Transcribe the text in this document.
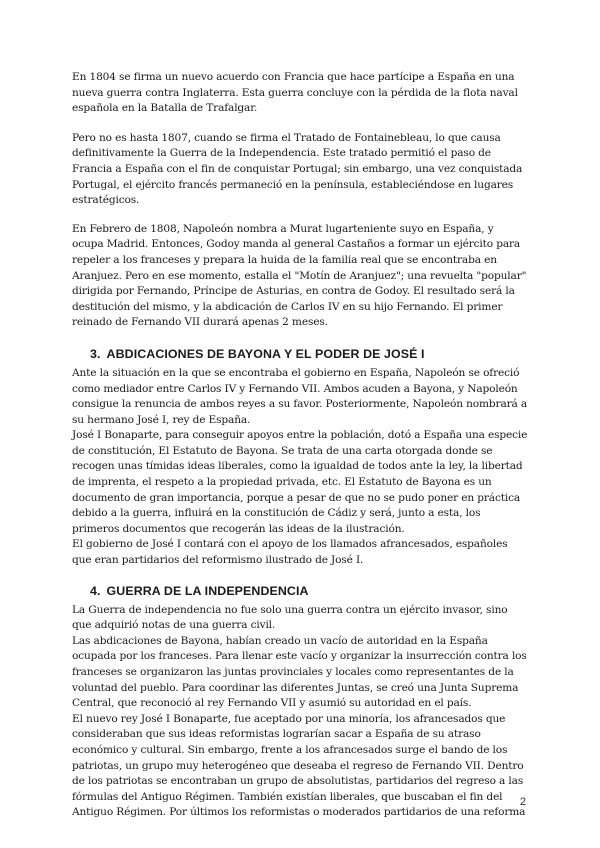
En 1804 se firma un nuevo acuerdo con Francia que hace partícipe a España en una nueva guerra contra Inglaterra. Esta guerra concluye con la pérdida de la flota naval española en la Batalla de Trafalgar.

Pero no es hasta 1807, cuando se firma el Tratado de Fontainebleau, lo que causa definitivamente la Guerra de la Independencia. Este tratado permitió el paso de Francia a España con el fin de conquistar Portugal; sin embargo, una vez conquistada Portugal, el ejército francés permaneció en la península, estableciéndose en lugares estratégicos.

En Febrero de 1808, Napoleón nombra a Murat lugarteniente suyo en España, y ocupa Madrid. Entonces, Godoy manda al general Castaños a formar un ejército para repeler a los franceses y prepara la huida de la familia real que se encontraba en Aranjuez. Pero en ese momento, estalla el "Motín de Aranjuez"; una revuelta "popular" dirigida por Fernando, Príncipe de Asturias, en contra de Godoy. El resultado será la destitución del mismo, y la abdicación de Carlos IV en su hijo Fernando. El primer reinado de Fernando VII durará apenas 2 meses.

3. ABDICACIONES DE BAYONA Y EL PODER DE JOSÉ I

Ante la situación en la que se encontraba el gobierno en España, Napoleón se ofreció como mediador entre Carlos IV y Fernando VII. Ambos acuden a Bayona, y Napoleón consigue la renuncia de ambos reyes a su favor. Posteriormente, Napoleón nombrará a su hermano José I, rey de España.

José I Bonaparte, para conseguir apoyos entre la población, dotó a España una especie de constitución, El Estatuto de Bayona. Se trata de una carta otorgada donde se recogen unas tímidas ideas liberales, como la igualdad de todos ante la ley, la libertad de imprenta, el respeto a la propiedad privada, etc. El Estatuto de Bayona es un documento de gran importancia, porque a pesar de que no se pudo poner en práctica debido a la guerra, influirá en la constitución de Cádiz y será, junto a esta, los primeros documentos que recogerán las ideas de la ilustración.

El gobierno de José I contará con el apoyo de los llamados afrancesados, españoles que eran partidarios del reformismo ilustrado de José I.

4. GUERRA DE LA INDEPENDENCIA

La Guerra de independencia no fue solo una guerra contra un ejército invasor, sino que adquirió notas de una guerra civil.

Las abdicaciones de Bayona, habían creado un vacío de autoridad en la España ocupada por los franceses. Para llenar este vacío y organizar la insurrección contra los franceses se organizaron las juntas provinciales y locales como representantes de la voluntad del pueblo. Para coordinar las diferentes Juntas, se creó una Junta Suprema Central, que reconoció al rey Fernando VII y asumió su autoridad en el país.

El nuevo rey José I Bonaparte, fue aceptado por una minoría, los afrancesados que consideraban que sus ideas reformistas lograrían sacar a España de su atraso económico y cultural. Sin embargo, frente a los afrancesados surge el bando de los patriotas, un grupo muy heterogéneo que deseaba el regreso de Fernando VII. Dentro de los patriotas se encontraban un grupo de absolutistas, partidarios del regreso a las fórmulas del Antiguo Régimen. También existían liberales, que buscaban el fin del Antiguo Régimen. Por últimos los reformistas o moderados partidarios de una reforma

2
